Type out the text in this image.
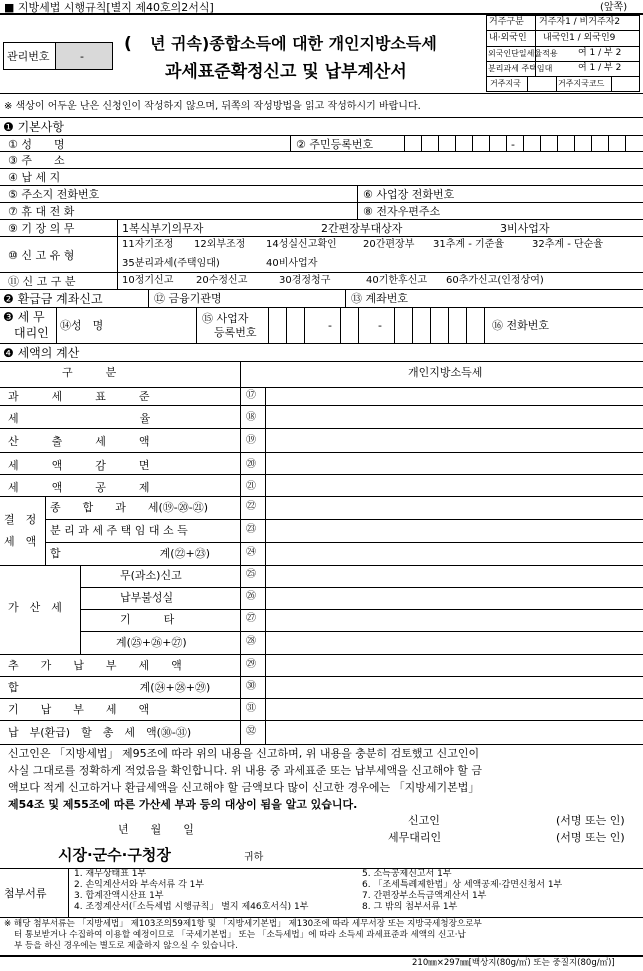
■ 지방세법 시행규칙[별지 제40호의2서식]	(앞쪽)
관리번호	-
( 년 귀속)종합소득에 대한 개인지방소득세
과세표준확정신고 및 납부계산서
거주구분 거주자1 / 비거주자2
내·외국인 내국인1 / 외국인9
외국인단일세율적용 여 1 / 부 2
분리과세 주택임대	여 1 / 부 2
거주지국	거주지국코드
※ 색상이 어두운 난은 신청인이 작성하지 않으며, 뒤쪽의 작성방법을 읽고 작성하시기 바랍니다.
❶ 기본사항
① 성　　명	② 주민등록번호	-
③ 주　　소
④ 납 세 지
⑤ 주소지 전화번호	⑥ 사업장 전화번호
⑦ 휴 대 전 화	⑧ 전자우편주소
⑨ 기 장 의 무	1복식부기의무자	2간편장부대상자	3비사업자
⑩ 신 고 유 형
11자기조정 12외부조정 14성실신고확인	20간편장부 31추계 - 기준율	32추계 - 단순율
35분리과세(주택임대)	40비사업자
⑪ 신 고 구 분	10정기신고 20수정신고	30경정청구	40기한후신고 60추가신고(인정상여)
❷ 환급금 계좌신고	⑫ 금융기관명	⑬ 계좌번호
❸ 세 무
대리인
⑭성　명
⑮ 사업자
등록번호
-	-	⑯ 전화번호
❹ 세액의 계산
구　　　분	개인지방소득세
과　　　세　　　표　　　준	⑰
세　　　　　　　　　　　율	⑱
산　　　출　　　세　　　액	⑲
세　　　액　　　감　　　면	⑳
세　　　액　　　공　　　제	㉑
결　정
세　액
종　　합　　과　　세(⑲-⑳-㉑)	㉒
분 리 과 세 주 택 임 대 소 득	㉓
합　　　　　　　　　계(㉒+㉓)	㉔
가　산　세
무(과소)신고	㉕
납부불성실	㉖
기　　　타	㉗
계(㉕+㉖+㉗)	㉘
추　　가　　납　　부　　세　　액	㉙
합　　　　　　　　　　　계(㉔+㉘+㉙)	㉚
기　　납　　부　　세　　액	㉛
납　부(환급)　할　총　세　액(㉚-㉛)	㉜
신고인은 「지방세법」 제95조에 따라 위의 내용을 신고하며, 위 내용을 충분히 검토했고 신고인이
사실 그대로를 정확하게 적었음을 확인합니다. 위 내용 중 과세표준 또는 납부세액을 신고해야 할 금
액보다 적게 신고하거나 환급세액을 신고해야 할 금액보다 많이 신고한 경우에는 「지방세기본법」
제54조 및 제55조에 따른 가산세 부과 등의 대상이 됨을 알고 있습니다.
년　　월　　일
신고인	(서명 또는 인)
세무대리인	(서명 또는 인)
시장·군수·구청장	귀하
첨부서류
1. 재무상태표 1부
2. 손익계산서와 부속서류 각 1부
3. 합계잔액시산표 1부
4. 조정계산서(「소득세법 시행규칙」 별지 제46호서식) 1부
5. 소득공제신고서 1부
6. 「조세특례제한법」상 세액공제·감면신청서 1부
7. 간편장부소득금액계산서 1부
8. 그 밖의 첨부서류 1부
※ 해당 첨부서류는 「지방세법」 제103조의59제1항 및 「지방세기본법」 제130조에 따라 세무서장 또는 지방국세청장으로부
터 통보받거나 수집하여 이용할 예정이므로 「국세기본법」 또는 「소득세법」에 따라 소득세 과세표준과 세액의 신고·납
부 등을 하신 경우에는 별도로 제출하지 않으실 수 있습니다.
210㎜×297㎜[백상지(80g/㎡) 또는 중질지(80g/㎡)]
